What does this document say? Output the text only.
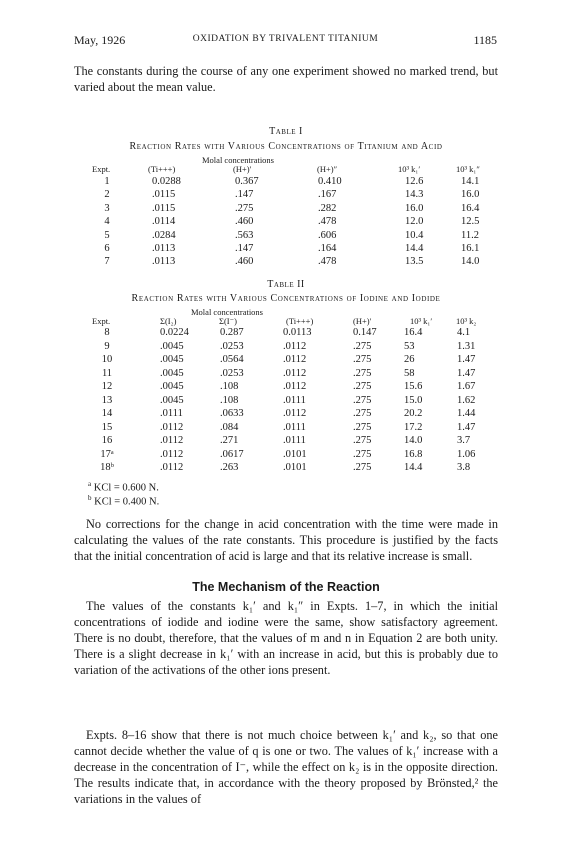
May, 1926	OXIDATION BY TRIVALENT TITANIUM	1185
The constants during the course of any one experiment showed no marked trend, but varied about the mean value.
Table I
Reaction Rates with Various Concentrations of Titanium and Acid
Molal concentrations
Expt.	(Ti+++)	(H+)′	(H+)″	10³ k₁′	10³ k₁″
1	0.0288	0.367	0.410	12.6	14.1
2	.0115	.147	.167	14.3	16.0
3	.0115	.275	.282	16.0	16.4
4	.0114	.460	.478	12.0	12.5
5	.0284	.563	.606	10.4	11.2
6	.0113	.147	.164	14.4	16.1
7	.0113	.460	.478	13.5	14.0
Table II
Reaction Rates with Various Concentrations of Iodine and Iodide
Molal concentrations
Expt.	Σ(I₂)	Σ(I⁻)	(Ti+++)	(H+)′	10³ k₁′	10³ k₂
8	0.0224	0.287	0.0113	0.147	16.4	4.1
9	.0045	.0253	.0112	.275	53	1.31
10	.0045	.0564	.0112	.275	26	1.47
11	.0045	.0253	.0112	.275	58	1.47
12	.0045	.108	.0112	.275	15.6	1.67
13	.0045	.108	.0111	.275	15.0	1.62
14	.0111	.0633	.0112	.275	20.2	1.44
15	.0112	.084	.0111	.275	17.2	1.47
16	.0112	.271	.0111	.275	14.0	3.7
17ᵃ	.0112	.0617	.0101	.275	16.8	1.06
18ᵇ	.0112	.263	.0101	.275	14.4	3.8
$^a$ KCl = 0.600 N.
$^b$ KCl = 0.400 N.

No corrections for the change in acid concentration with the time were made in calculating the values of the rate constants. This procedure is justified by the facts that the initial concentration of acid is large and that its relative increase is small.

The Mechanism of the Reaction

The values of the constants k₁′ and k₁″ in Expts. 1–7, in which the initial concentrations of iodide and iodine were the same, show satisfactory agreement. There is no doubt, therefore, that the values of m and n in Equation 2 are both unity. There is a slight decrease in k₁′ with an increase in acid, but this is probably due to variation of the activations of the other ions present.

Expts. 8–16 show that there is not much choice between k₁′ and k₂, so that one cannot decide whether the value of q is one or two. The values of k₁′ increase with a decrease in the concentration of I⁻, while the effect on k₂ is in the opposite direction. The results indicate that, in accordance with the theory proposed by Brönsted,² the variations in the values of
